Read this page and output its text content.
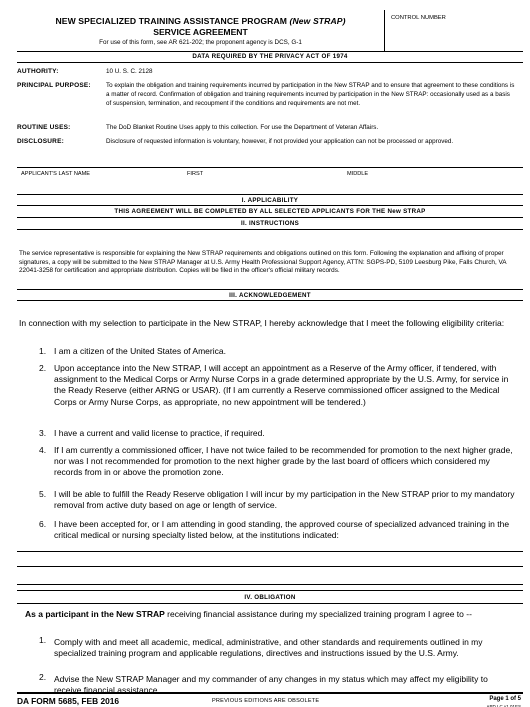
NEW SPECIALIZED TRAINING ASSISTANCE PROGRAM (New STRAP)
SERVICE AGREEMENT
For use of this form, see AR 621-202; the proponent agency is DCS, G-1
CONTROL NUMBER
DATA REQUIRED BY THE PRIVACY ACT OF 1974
AUTHORITY:	10 U. S. C. 2128
PRINCIPAL PURPOSE: To explain the obligation and training requirements incurred by participation in the New STRAP and to ensure that agreement to these conditions is a matter of record. Confirmation of obligation and training requirements incurred by participation in the New STRAP: occasionally used as a basis of suspension, termination, and recoupment if the conditions and requirements are not met.
ROUTINE USES:	The DoD Blanket Routine Uses apply to this collection. For use the Department of Veteran Affairs.
DISCLOSURE:	Disclosure of requested information is voluntary, however, if not provided your application can not be processed or approved.
APPLICANT'S LAST NAME	FIRST	MIDDLE
I. APPLICABILITY
THIS AGREEMENT WILL BE COMPLETED BY ALL SELECTED APPLICANTS FOR THE New STRAP
II. INSTRUCTIONS
The service representative is responsible for explaining the New STRAP requirements and obligations outlined on this form. Following the explanation and affixing of proper signatures, a copy will be submitted to the New STRAP Manager at U.S. Army Health Professional Support Agency, ATTN: SGPS-PD, 5109 Leesburg Pike, Falls Church, VA 22041-3258 for certification and appropriate distribution. Copies will be filed in the officer's official military records.
III. ACKNOWLEDGEMENT
In connection with my selection to participate in the New STRAP, I hereby acknowledge that I meet the following eligibility criteria:
1. I am a citizen of the United States of America.
2. Upon acceptance into the New STRAP, I will accept an appointment as a Reserve of the Army officer, if tendered, with assignment to the Medical Corps or Army Nurse Corps in a grade determined appropriate by the U.S. Army, for service in the Ready Reserve (either ARNG or USAR). (If I am currently a Reserve commissioned officer assigned to the Medical Corps or Army Nurse Corps, as appropriate, no new appointment will be tendered.)
3. I have a current and valid license to practice, if required.
4. If I am currently a commissioned officer, I have not twice failed to be recommended for promotion to the next higher grade, nor was I not recommended for promotion to the next higher grade by the last board of officers which considered my records from in or above the promotion zone.
5. I will be able to fulfill the Ready Reserve obligation I will incur by my participation in the New STRAP prior to my mandatory removal from active duty based on age or length of service.
6. I have been accepted for, or I am attending in good standing, the approved course of specialized advanced training in the critical medical or nursing specialty listed below, at the institutions indicated:
IV. OBLIGATION
As a participant in the New STRAP receiving financial assistance during my specialized training program I agree to --
1. Comply with and meet all academic, medical, administrative, and other standards and requirements outlined in my specialized training program and applicable regulations, directives and instructions issued by the U.S. Army.
2. Advise the New STRAP Manager and my commander of any changes in my status which may affect my eligibility to receive financial assistance.
DA FORM 5685, FEB 2016	PREVIOUS EDITIONS ARE OBSOLETE	Page 1 of 5
APD LC v1.01ES
